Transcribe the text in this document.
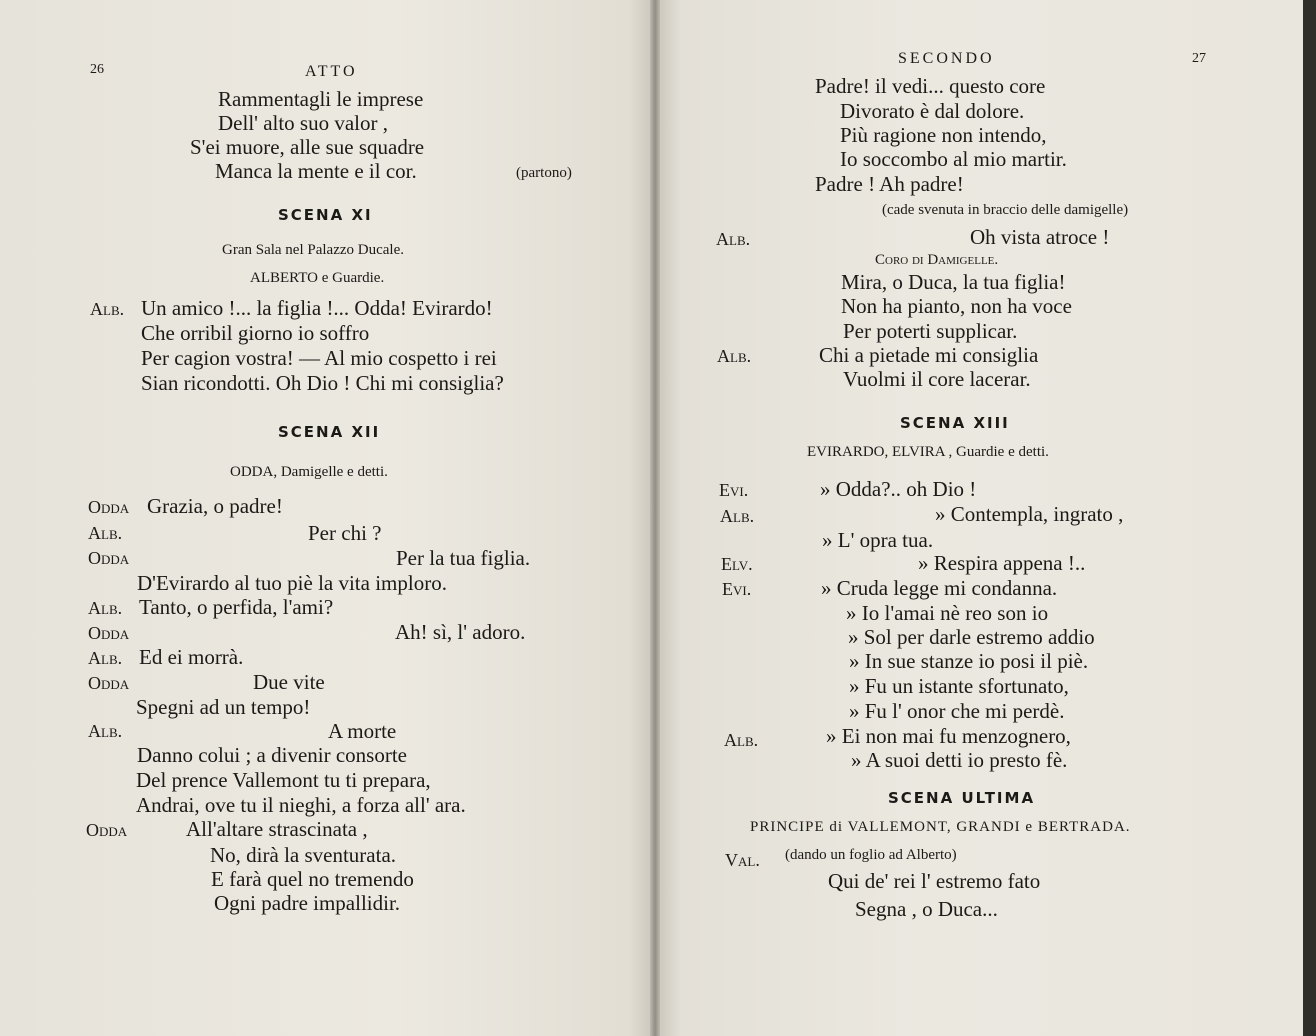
26	ATTO
Rammentagli le imprese
Dell' alto suo valor ,
S'ei muore, alle sue squadre
Manca la mente e il cor.	(partono)
SCENA XI
Gran Sala nel Palazzo Ducale.
ALBERTO e Guardie.
Alb. Un amico !... la figlia !... Odda! Evirardo!
Che orribil giorno io soffro
Per cagion vostra! — Al mio cospetto i rei
Sian ricondotti. Oh Dio ! Chi mi consiglia?
SCENA XII
ODDA, Damigelle e detti.
Odda Grazia, o padre!
Alb.	Per chi ?
Odda	Per la tua figlia.
D'Evirardo al tuo piè la vita imploro.
Alb. Tanto, o perfida, l'ami?
Odda	Ah! sì, l' adoro.
Alb. Ed ei morrà.
Odda	Due vite
Spegni ad un tempo!
Alb.	A morte
Danno colui ; a divenir consorte
Del prence Vallemont tu ti prepara,
Andrai, ove tu il nieghi, a forza all' ara.
Odda	All'altare strascinata ,
No, dirà la sventurata.
E farà quel no tremendo
Ogni padre impallidir.
SECONDO	27
Padre! il vedi... questo core
Divorato è dal dolore.
Più ragione non intendo,
Io soccombo al mio martir.
Padre ! Ah padre!
(cade svenuta in braccio delle damigelle)
Alb.	Oh vista atroce !
Coro di Damigelle.
Mira, o Duca, la tua figlia!
Non ha pianto, non ha voce
Per poterti supplicar.
Alb.	Chi a pietade mi consiglia
Vuolmi il core lacerar.
SCENA XIII
EVIRARDO, ELVIRA , Guardie e detti.
Evi.	» Odda?.. oh Dio !
Alb.	» Contempla, ingrato ,
» L' opra tua.
Elv.	» Respira appena !..
Evi.	» Cruda legge mi condanna.
» Io l'amai nè reo son io
» Sol per darle estremo addio
» In sue stanze io posi il piè.
» Fu un istante sfortunato,
» Fu l' onor che mi perdè.
Alb.	» Ei non mai fu menzognero,
» A suoi detti io presto fè.
SCENA ULTIMA
PRINCIPE di VALLEMONT, GRANDI e BERTRADA.
Val. (dando un foglio ad Alberto)
Qui de' rei l' estremo fato
Segna , o Duca...
